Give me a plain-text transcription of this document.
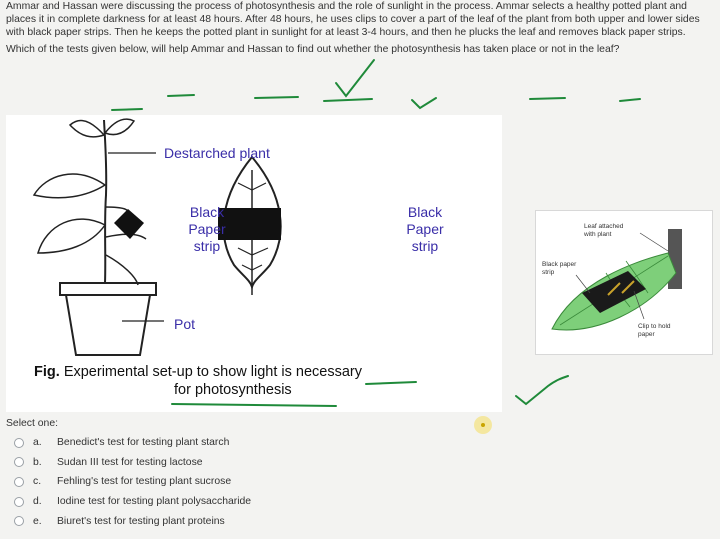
Ammar and Hassan were discussing the process of photosynthesis and the role of sunlight in the process. Ammar selects a healthy potted plant and places it in complete darkness for at least 48 hours. After 48 hours, he uses clips to cover a part of the leaf of the plant from both upper and lower sides with black paper strips. Then he keeps the potted plant in sunlight for at least 3-4 hours, and then he plucks the leaf and removes black paper strips.

Which of the tests given below, will help Ammar and Hassan to find out whether the photosynthesis has taken place or not in the leaf?

Destarched plant
Black
Paper
strip
Black
Paper
strip
Pot
Fig. Experimental set-up to show light is necessary
for photosynthesis
Leaf attached
with plant
Black paper
strip
Clip to hold
paper
Select one:
a.	Benedict's test for testing plant starch
b.	Sudan III test for testing lactose
c.	Fehling's test for testing plant sucrose
d.	Iodine test for testing plant polysaccharide
e.	Biuret's test for testing plant proteins
